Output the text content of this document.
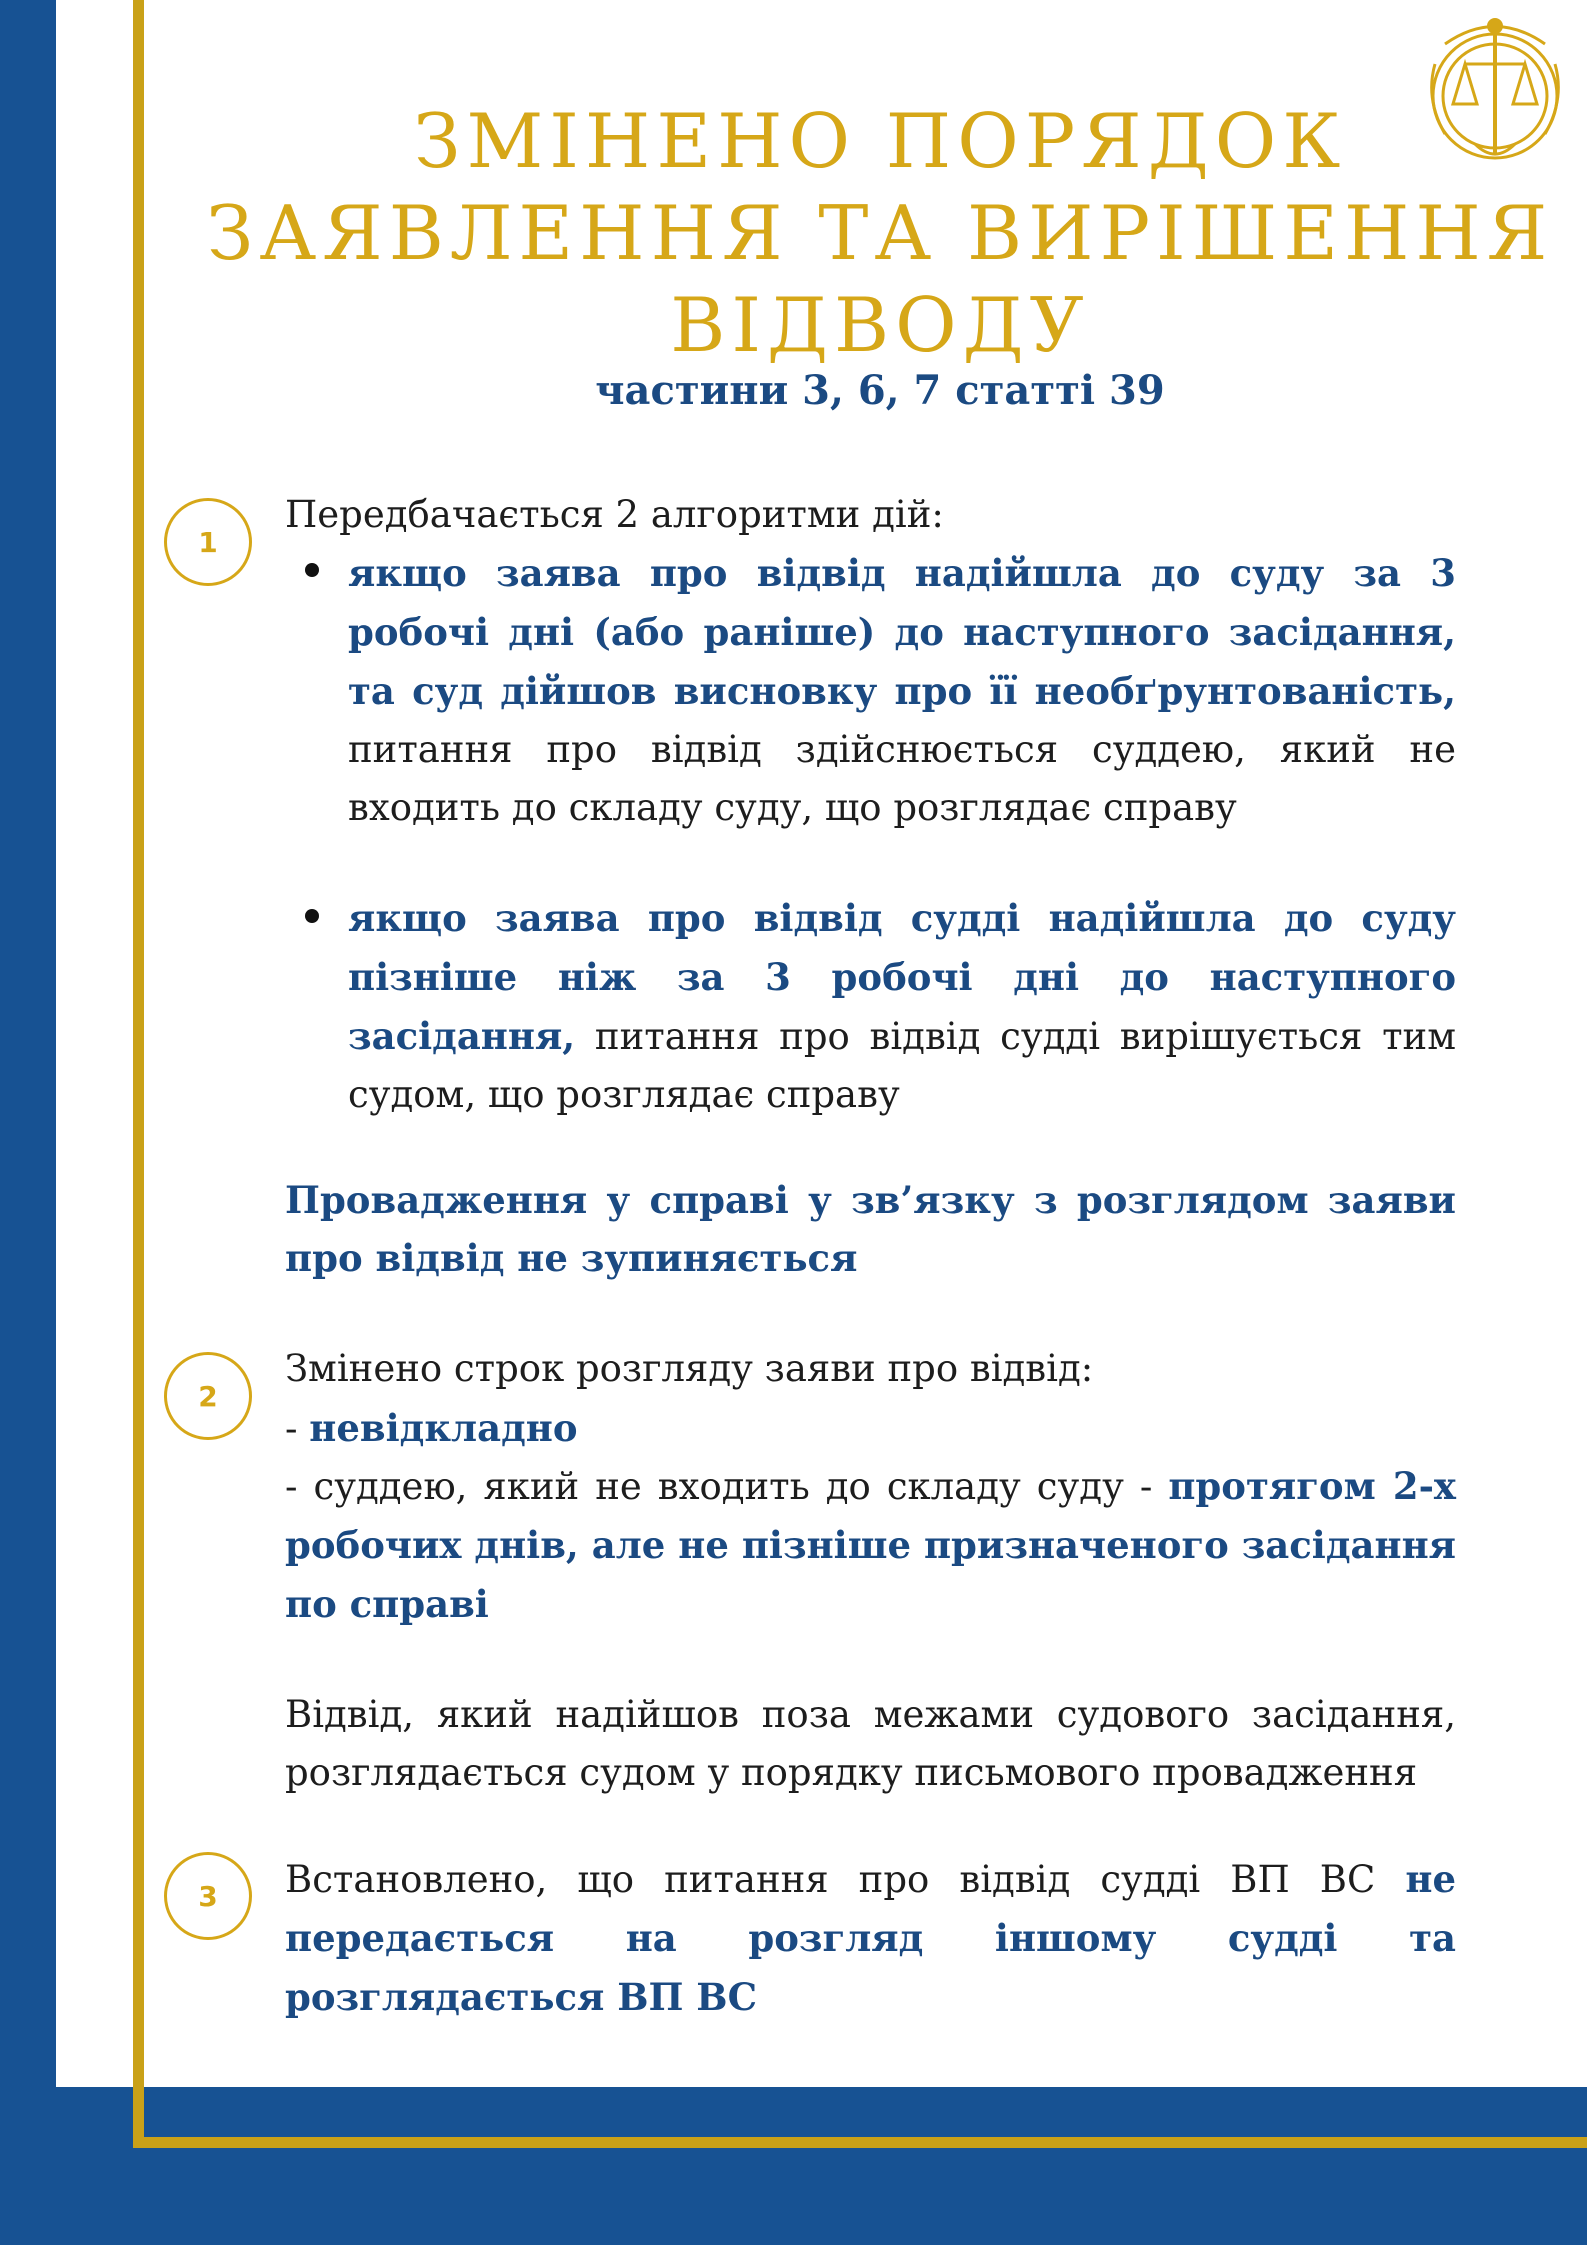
ЗМІНЕНО ПОРЯДОК ЗАЯВЛЕННЯ ТА ВИРІШЕННЯ ВІДВОДУ
частини 3, 6, 7 статті 39
1
Передбачається 2 алгоритми дій:
якщо заява про відвід надійшла до суду за 3 робочі дні (або раніше) до наступного засідання, та суд дійшов висновку про її необґрунтованість, питання про відвід здійснюється суддею, який не входить до складу суду, що розглядає справу
якщо заява про відвід судді надійшла до суду пізніше ніж за 3 робочі дні до наступного засідання, питання про відвід судді вирішується тим судом, що розглядає справу
Провадження у справі у зв’язку з розглядом заяви про відвід не зупиняється
2
Змінено строк розгляду заяви про відвід:
- невідкладно
- суддею, який не входить до складу суду - протягом 2-х робочих днів, але не пізніше призначеного засідання по справі
Відвід, який надійшов поза межами судового засідання, розглядається судом у порядку письмового провадження
3	Встановлено, що питання про відвід судді ВП ВС не передається на розгляд іншому судді та розглядається ВП ВС
